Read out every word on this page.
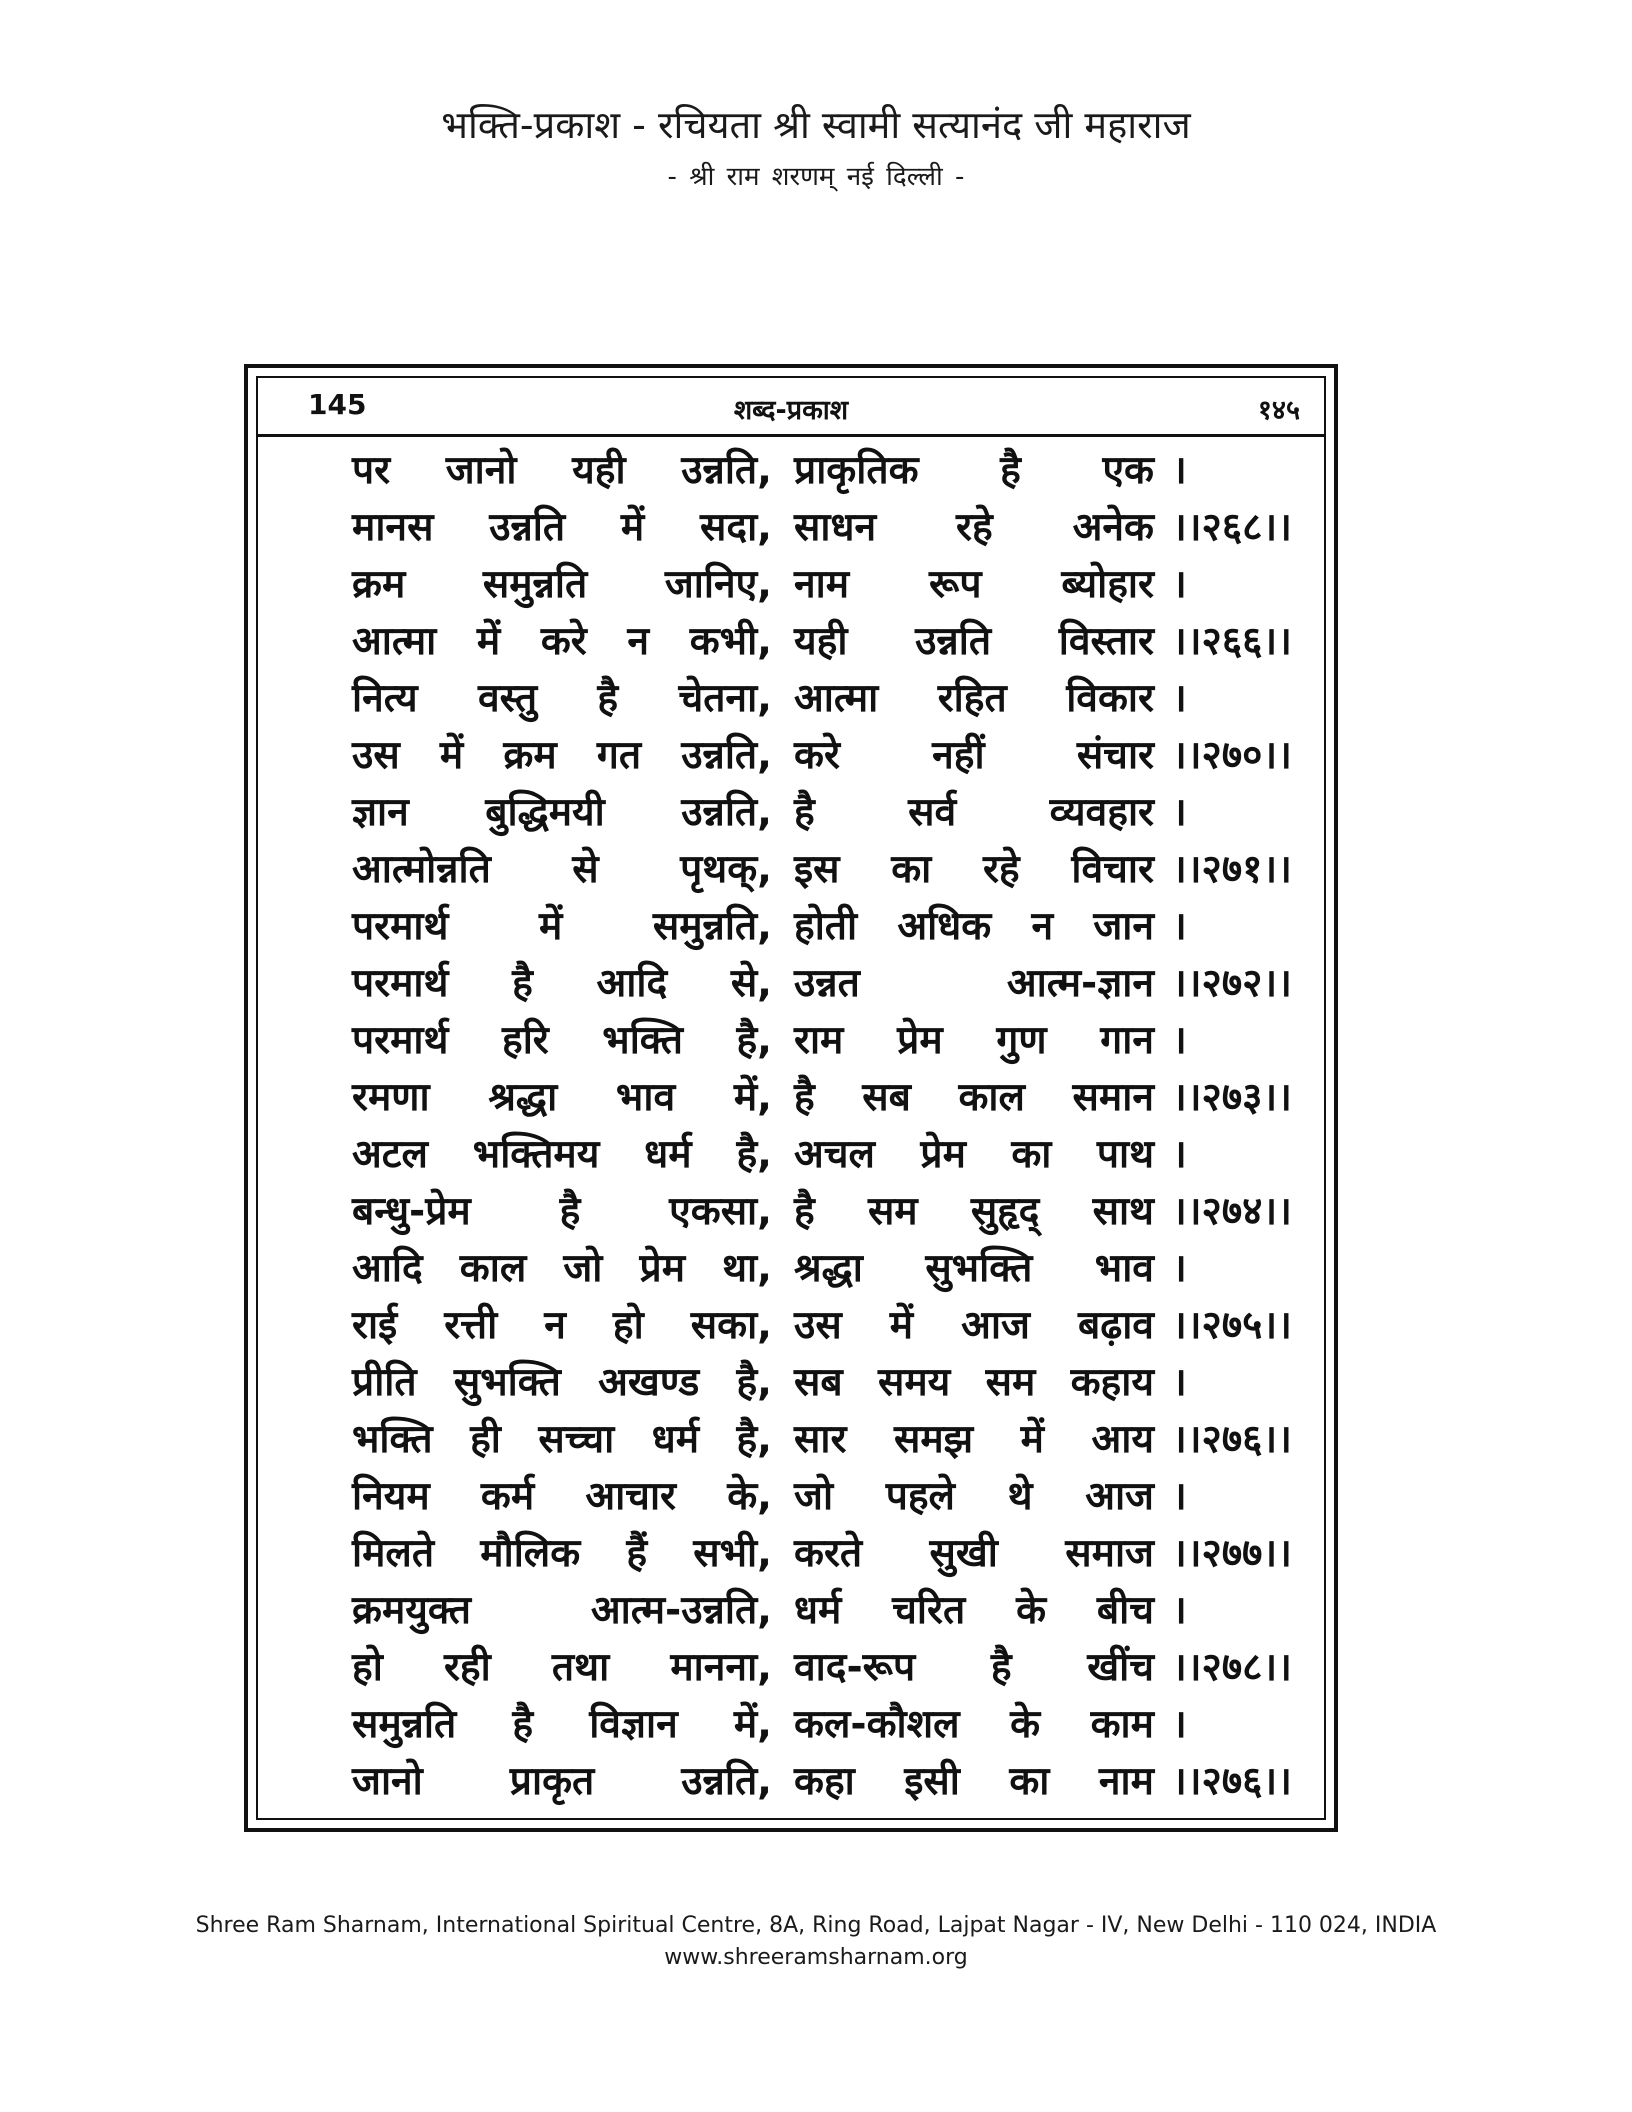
भक्ति-प्रकाश - रचियता श्री स्वामी सत्यानंद जी महाराज
- श्री राम शरणम् नई दिल्ली -
145	शब्द-प्रकाश	१४५
पर जानो यही उन्नति, प्राकृतिक है एक ।
मानस उन्नति में सदा, साधन रहे अनेक ।।२६८।।
क्रम समुन्नति जानिए, नाम रूप ब्योहार ।
आत्मा में करे न कभी, यही उन्नति विस्तार ।।२६६।।
नित्य वस्तु है चेतना, आत्मा रहित विकार ।
उस में क्रम गत उन्नति, करे नहीं संचार ।।२७०।।
ज्ञान बुद्धिमयी उन्नति, है सर्व व्यवहार ।
आत्मोन्नति से पृथक्, इस का रहे विचार ।।२७१।।
परमार्थ में समुन्नति, होती अधिक न जान ।
परमार्थ है आदि से, उन्नत	आत्म-ज्ञान ।।२७२।।
परमार्थ हरि भक्ति है, राम प्रेम गुण गान ।
रमणा श्रद्धा भाव में, है सब काल समान ।।२७३।।
अटल भक्तिमय धर्म है, अचल प्रेम का पाथ ।
बन्धु-प्रेम है एकसा, है सम सुहृद् साथ ।।२७४।।
आदि काल जो प्रेम था, श्रद्धा सुभक्ति भाव ।
राई रत्ती न हो सका, उस में आज बढ़ाव ।।२७५।।
प्रीति सुभक्ति अखण्ड है, सब समय सम कहाय ।
भक्ति ही सच्चा धर्म है, सार समझ में आय ।।२७६।।
नियम कर्म आचार के, जो पहले थे आज ।
मिलते मौलिक हैं सभी, करते सुखी समाज ।।२७७।।
क्रमयुक्त	आत्म-उन्नति, धर्म चरित के बीच ।
हो रही तथा मानना, वाद-रूप है खींच ।।२७८।।
समुन्नति है विज्ञान में, कल-कौशल के काम ।
जानो प्राकृत उन्नति, कहा इसी का नाम ।।२७६।।
Shree Ram Sharnam, International Spiritual Centre, 8A, Ring Road, Lajpat Nagar - IV, New Delhi - 110 024, INDIA
www.shreeramsharnam.org
